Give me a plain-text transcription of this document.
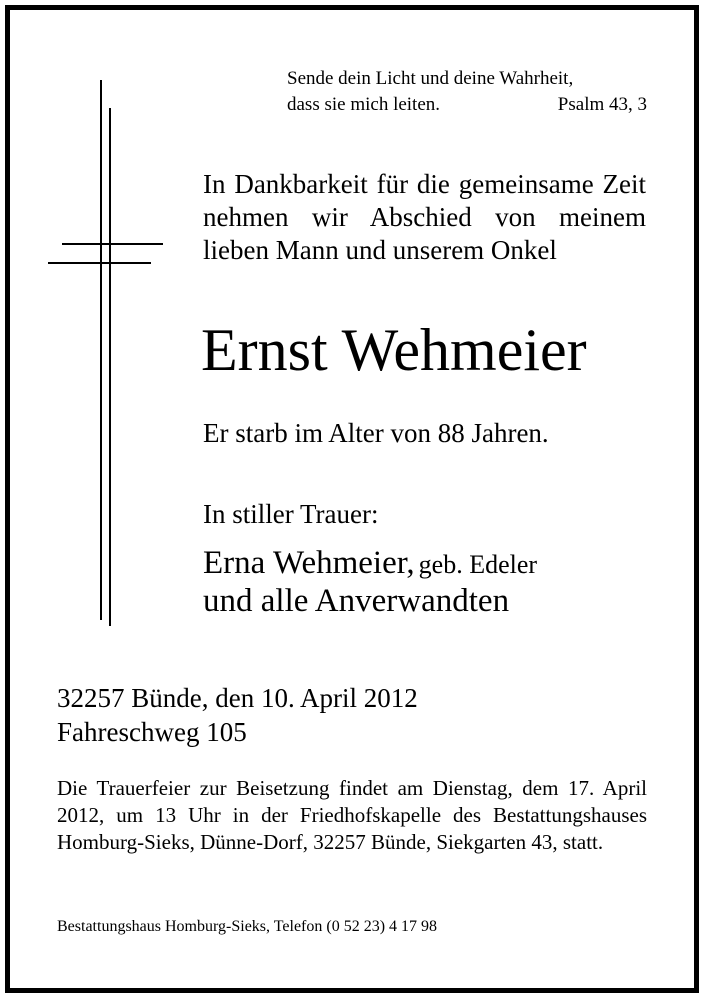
Sende dein Licht und deine Wahrheit,
dass sie mich leiten.	Psalm 43, 3
In Dankbarkeit für die gemeinsame Zeit nehmen wir Abschied von meinem lieben Mann und unserem Onkel
Ernst Wehmeier
Er starb im Alter von 88 Jahren.
In stiller Trauer:
Erna Wehmeier, geb. Edeler
und alle Anverwandten
32257 Bünde, den 10. April 2012
Fahreschweg 105
Die Trauerfeier zur Beisetzung findet am Dienstag, dem 17. April 2012, um 13 Uhr in der Friedhofskapelle des Bestattungshauses Homburg-Sieks, Dünne-Dorf, 32257 Bünde, Siekgarten 43, statt.
Bestattungshaus Homburg-Sieks, Telefon (0 52 23) 4 17 98
